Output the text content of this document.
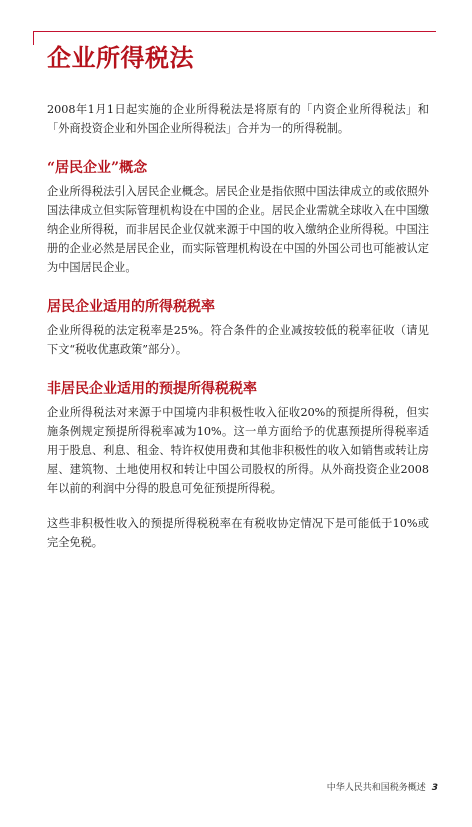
企业所得税法

2008年1月1日起实施的企业所得税法是将原有的「内资企业所得税法」和「外商投资企业和外国企业所得税法」合并为一的所得税制。

“居民企业”概念

企业所得税法引入居民企业概念。居民企业是指依照中国法律成立的或依照外国法律成立但实际管理机构设在中国的企业。居民企业需就全球收入在中国缴纳企业所得税，而非居民企业仅就来源于中国的收入缴纳企业所得税。中国注册的企业必然是居民企业，而实际管理机构设在中国的外国公司也可能被认定为中国居民企业。

居民企业适用的所得税税率

企业所得税的法定税率是25%。符合条件的企业减按较低的税率征收（请见下文“税收优惠政策”部分）。

非居民企业适用的预提所得税税率

企业所得税法对来源于中国境内非积极性收入征收20%的预提所得税，但实施条例规定预提所得税率减为10%。这一单方面给予的优惠预提所得税率适用于股息、利息、租金、特许权使用费和其他非积极性的收入如销售或转让房屋、建筑物、土地使用权和转让中国公司股权的所得。从外商投资企业2008年以前的利润中分得的股息可免征预提所得税。

这些非积极性收入的预提所得税税率在有税收协定情况下是可能低于10%或完全免税。

中华人民共和国税务概述 3
